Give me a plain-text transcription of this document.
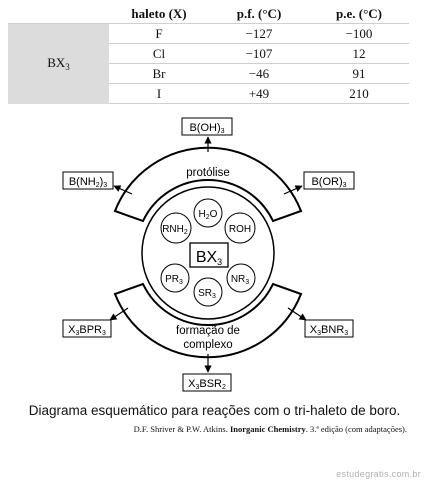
	haleto (X)	p.f. (°C)	p.e. (°C)
$BX_3$	F	−127	−100
	Cl	−107	12
	Br	−46	91
	I	+49	210
protólise
formação de
complexo
BX3
$H_2O$
$RNH_2$	ROH
$PR_3$	$NR_3$
$SR_3$
B(OH)3
B(NH2)3	B(OR)3
X3BPR3	X3BNR3
X3BSR2
Diagrama esquemático para reações com o tri-haleto de boro.
D.F. Shriver & P.W. Atkins. Inorganic Chemistry. 3.ª edição (com adaptações).
estudegratis.com.br
